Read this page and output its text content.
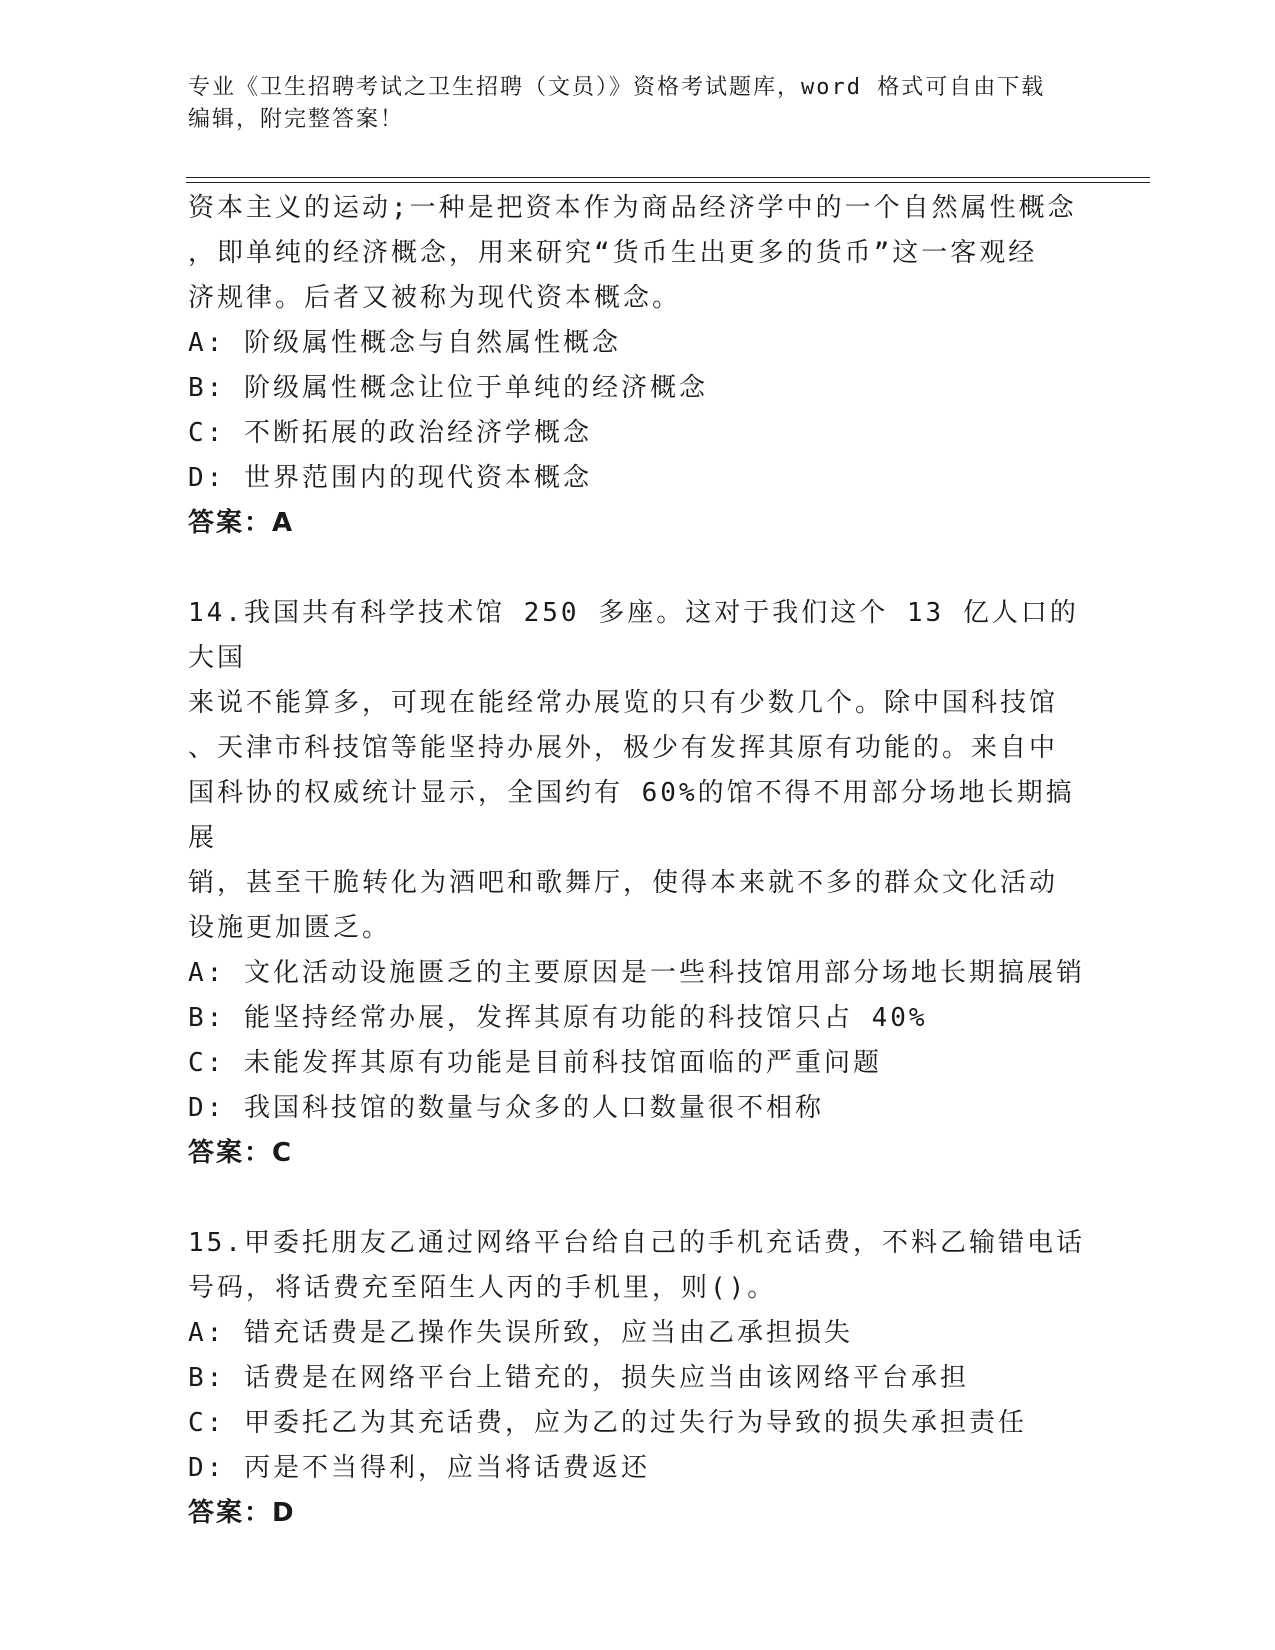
专业《卫生招聘考试之卫生招聘（文员）》资格考试题库，word 格式可自由下载
编辑，附完整答案！

资本主义的运动;一种是把资本作为商品经济学中的一个自然属性概念

，即单纯的经济概念，用来研究“货币生出更多的货币”这一客观经

济规律。后者又被称为现代资本概念。

A: 阶级属性概念与自然属性概念

B: 阶级属性概念让位于单纯的经济概念

C: 不断拓展的政治经济学概念

D: 世界范围内的现代资本概念

答案：A

14.我国共有科学技术馆 250 多座。这对于我们这个 13 亿人口的大国

来说不能算多，可现在能经常办展览的只有少数几个。除中国科技馆

、天津市科技馆等能坚持办展外，极少有发挥其原有功能的。来自中

国科协的权威统计显示，全国约有 60%的馆不得不用部分场地长期搞展

销，甚至干脆转化为酒吧和歌舞厅，使得本来就不多的群众文化活动

设施更加匮乏。

A: 文化活动设施匮乏的主要原因是一些科技馆用部分场地长期搞展销

B: 能坚持经常办展，发挥其原有功能的科技馆只占 40%

C: 未能发挥其原有功能是目前科技馆面临的严重问题

D: 我国科技馆的数量与众多的人口数量很不相称

答案：C

15.甲委托朋友乙通过网络平台给自己的手机充话费，不料乙输错电话

号码，将话费充至陌生人丙的手机里，则()。

A: 错充话费是乙操作失误所致，应当由乙承担损失

B: 话费是在网络平台上错充的，损失应当由该网络平台承担

C: 甲委托乙为其充话费，应为乙的过失行为导致的损失承担责任

D: 丙是不当得利，应当将话费返还

答案：D
